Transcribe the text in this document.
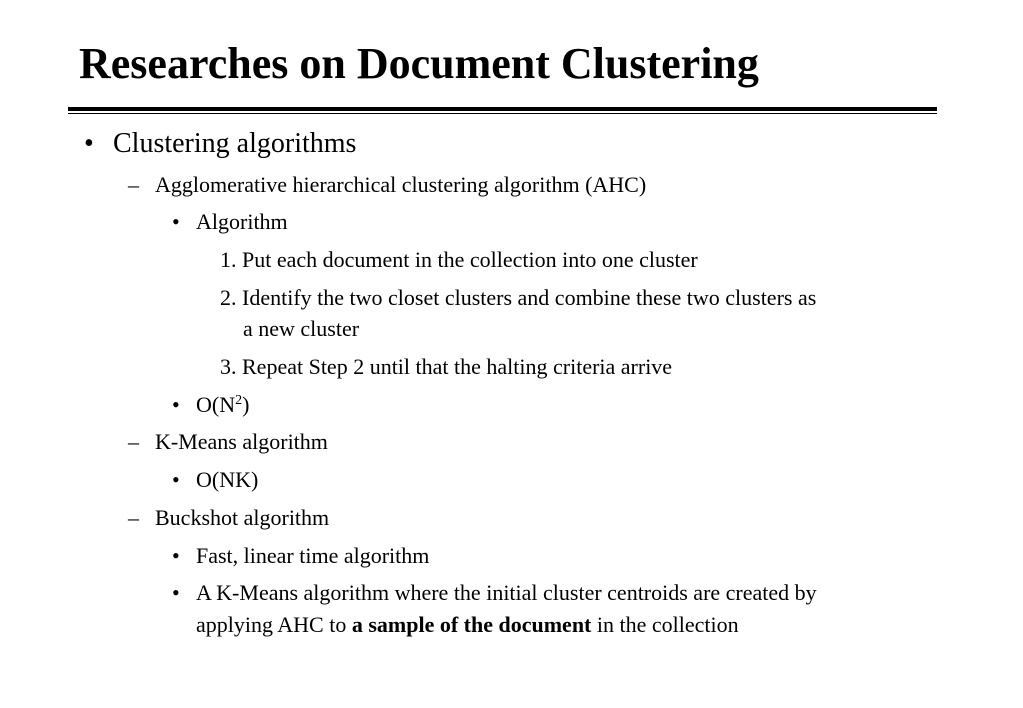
Researches on Document Clustering
• Clustering algorithms
– Agglomerative hierarchical clustering algorithm (AHC)
• Algorithm
1. Put each document in the collection into one cluster
2. Identify the two closet clusters and combine these two clusters as
a new cluster
3. Repeat Step 2 until that the halting criteria arrive
• $O(N^2)$
– K-Means algorithm
• O(NK)
– Buckshot algorithm
• Fast, linear time algorithm
• A K-Means algorithm where the initial cluster centroids are created by
applying AHC to a sample of the document in the collection
